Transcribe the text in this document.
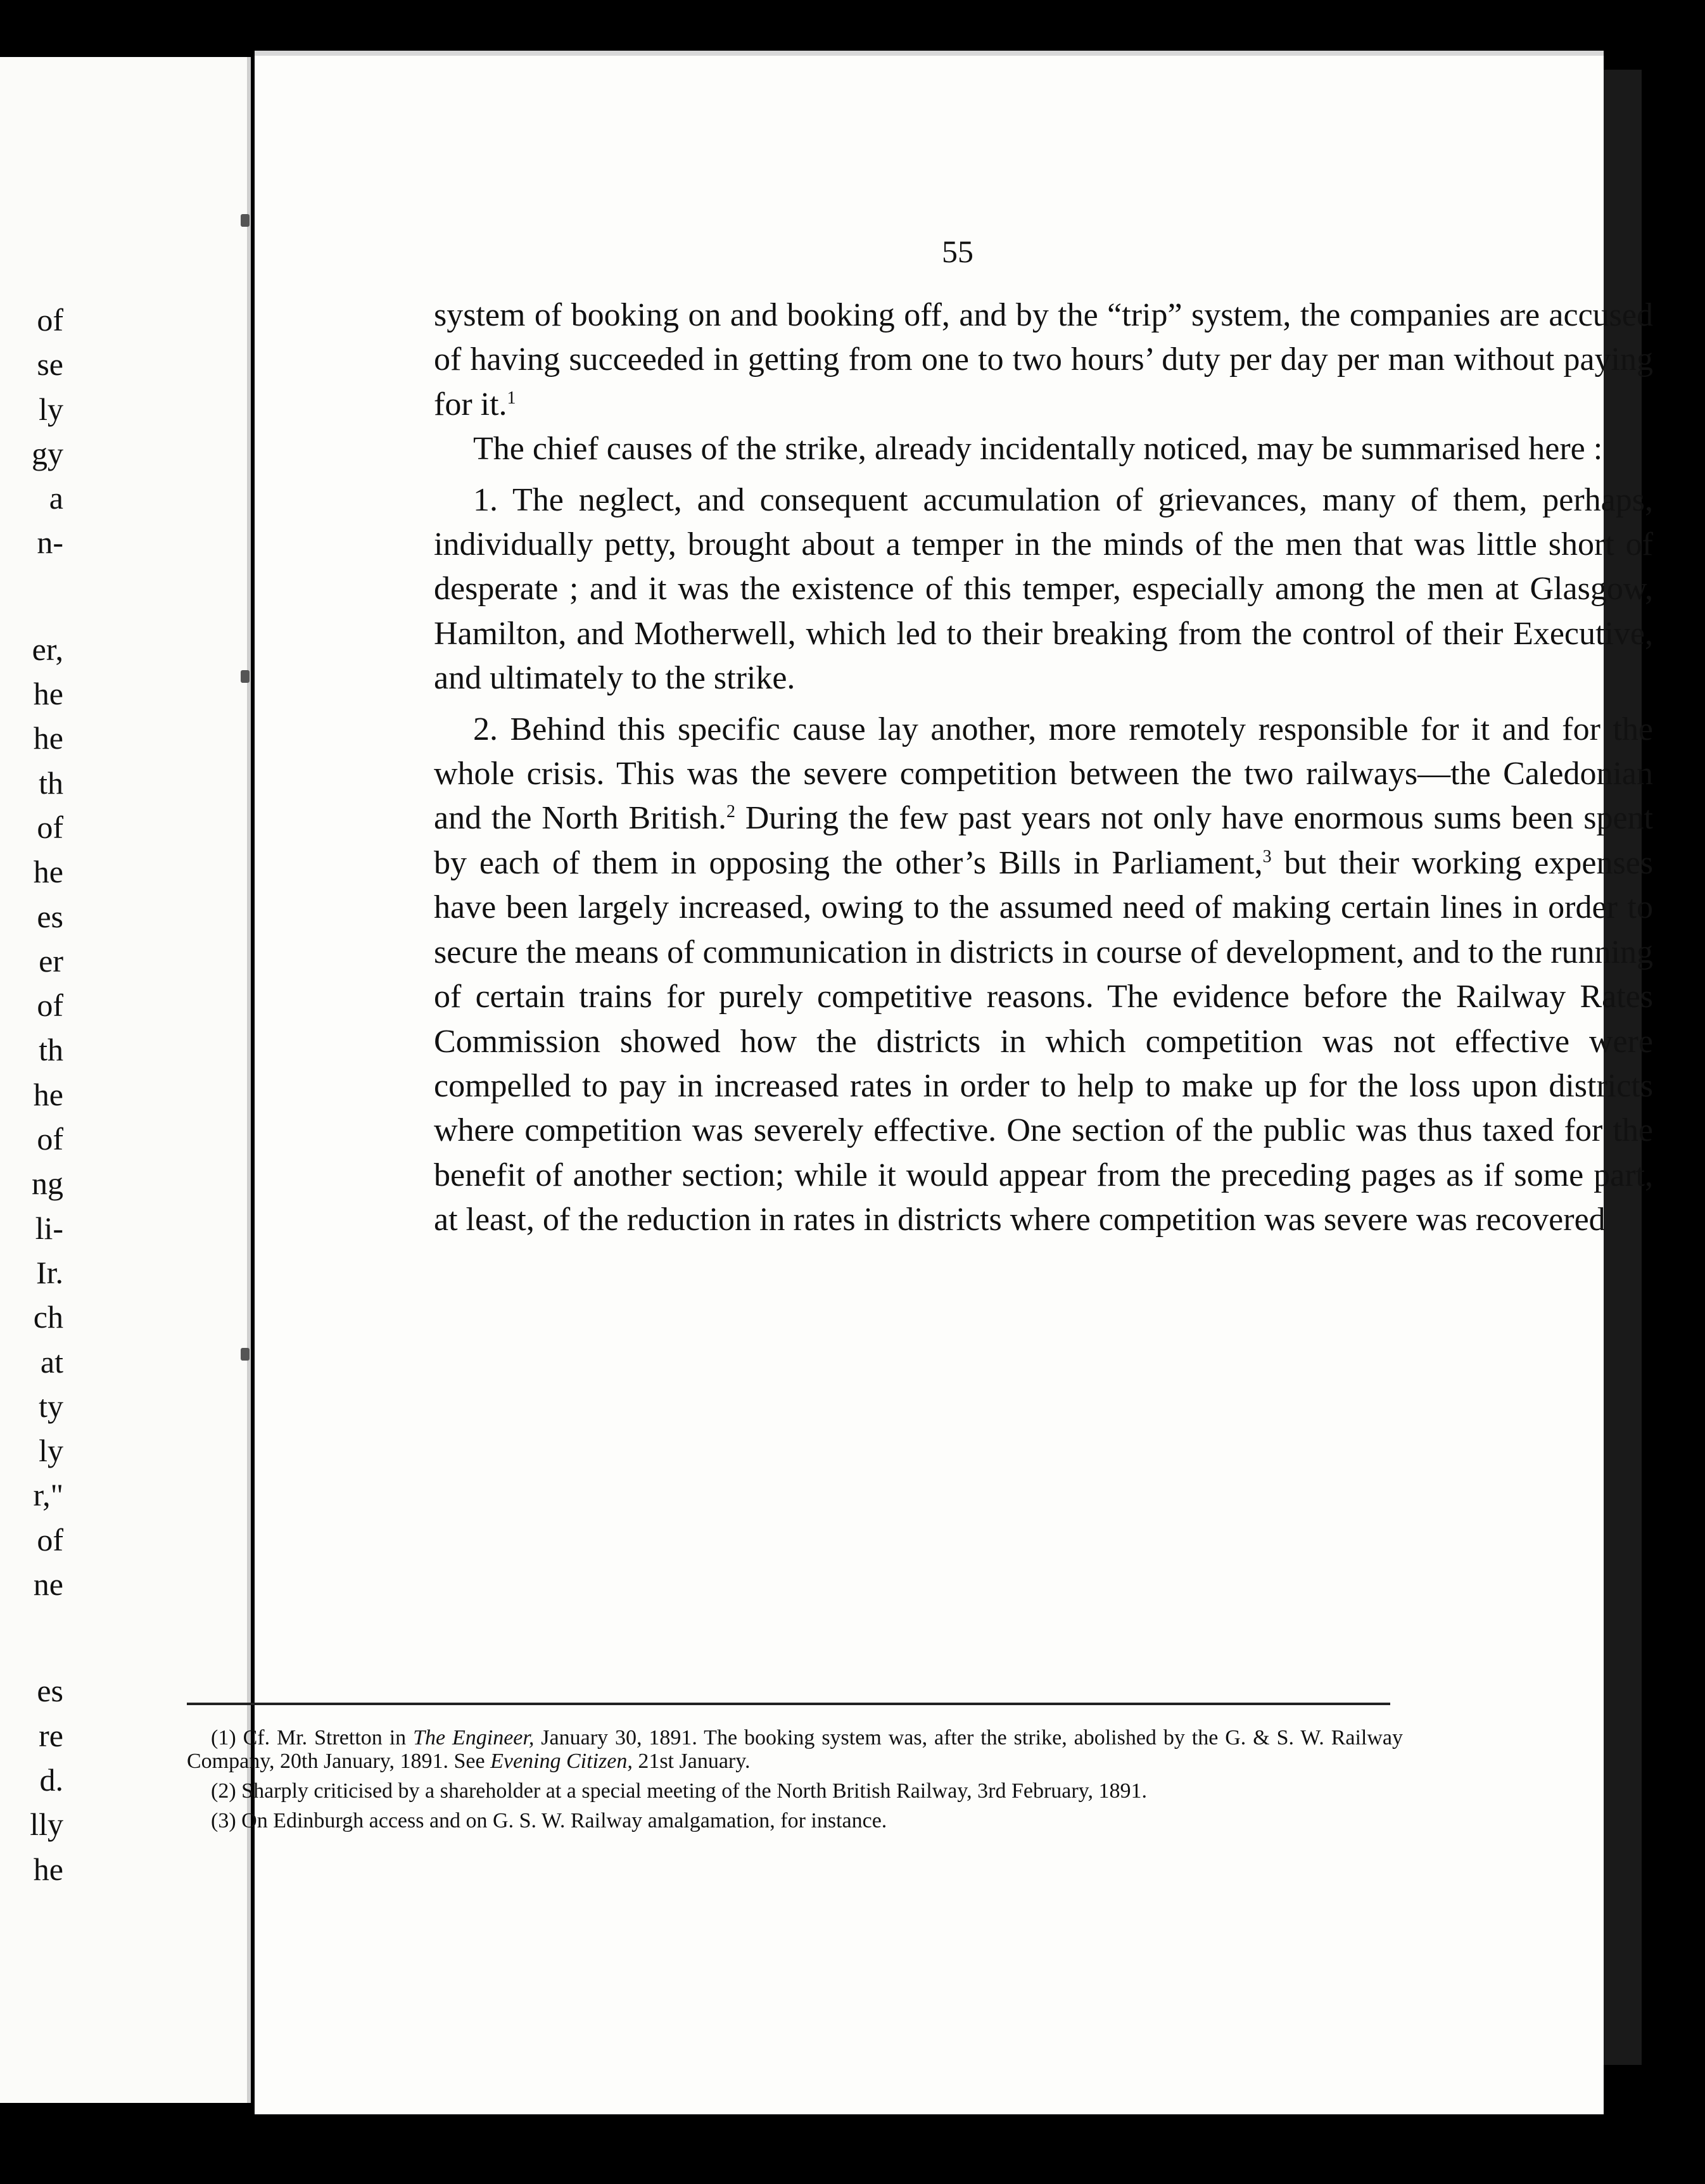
of
se
ly
gy
a
n-
er,
he
he
th
of
he
es
er
of
th
he
of
ng
li-
Ir.
ch
at
ty
ly
r,"
of
ne
es
re
d.
lly
he
55

system of booking on and booking off, and by the “trip” system, the companies are accused of having succeeded in getting from one to two hours’ duty per day per man without paying for it.$^1$

The chief causes of the strike, already incidentally noticed, may be summarised here :

1. The neglect, and consequent accumulation of grievances, many of them, perhaps, individually petty, brought about a temper in the minds of the men that was little short of desperate ; and it was the existence of this temper, especially among the men at Glasgow, Hamilton, and Motherwell, which led to their breaking from the control of their Executive, and ultimately to the strike.

2. Behind this specific cause lay another, more remotely responsible for it and for the whole crisis. This was the severe competition between the two railways—the Caledonian and the North British.$^2$ During the few past years not only have enormous sums been spent by each of them in opposing the other’s Bills in Parliament,$^3$ but their working expenses have been largely increased, owing to the assumed need of making certain lines in order to secure the means of communication in districts in course of development, and to the running of certain trains for purely competitive reasons. The evidence before the Railway Rates Commission showed how the districts in which competition was not effective were compelled to pay in increased rates in order to help to make up for the loss upon districts where competition was severely effective. One section of the public was thus taxed for the benefit of another section; while it would appear from the preceding pages as if some part, at least, of the reduction in rates in districts where competition was severe was recovered

(1) Cf. Mr. Stretton in The Engineer, January 30, 1891. The booking system was, after the strike, abolished by the G. & S. W. Railway Company, 20th January, 1891. See Evening Citizen, 21st January.

(2) Sharply criticised by a shareholder at a special meeting of the North British Railway, 3rd February, 1891.

(3) On Edinburgh access and on G. S. W. Railway amalgamation, for instance.
